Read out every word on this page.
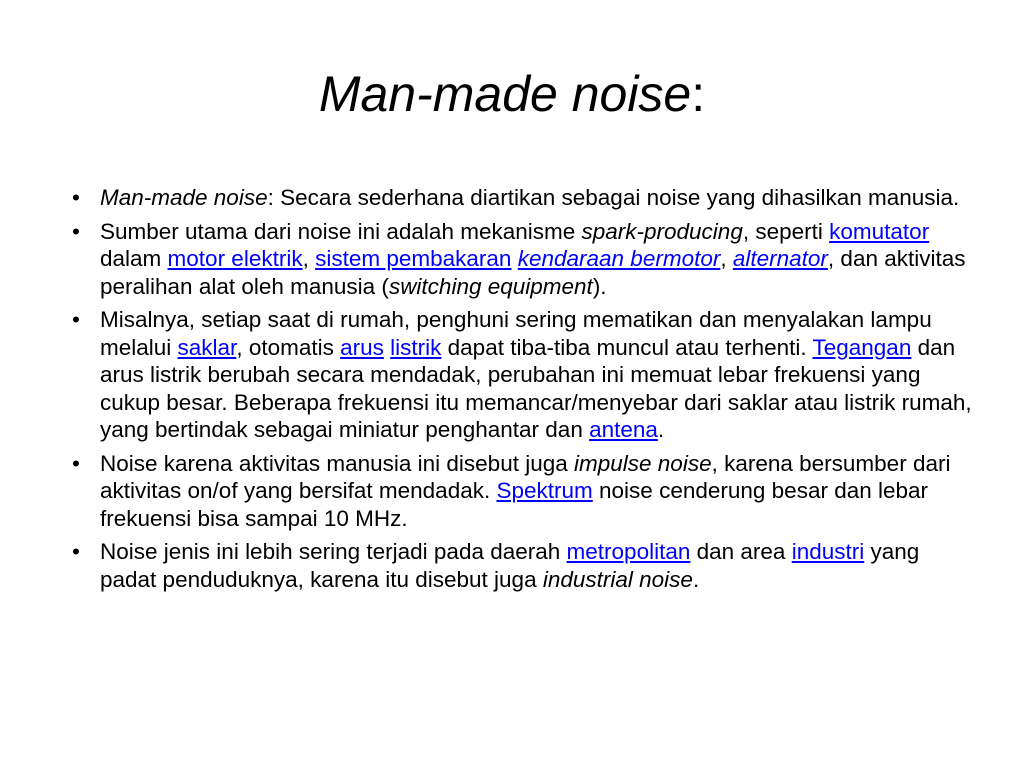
Man-made noise:
• Man-made noise: Secara sederhana diartikan sebagai noise yang dihasilkan manusia.
• Sumber utama dari noise ini adalah mekanisme spark-producing, seperti komutator dalam motor elektrik, sistem pembakaran kendaraan bermotor, alternator, dan aktivitas peralihan alat oleh manusia (switching equipment).
• Misalnya, setiap saat di rumah, penghuni sering mematikan dan menyalakan lampu melalui saklar, otomatis arus listrik dapat tiba-tiba muncul atau terhenti. Tegangan dan arus listrik berubah secara mendadak, perubahan ini memuat lebar frekuensi yang cukup besar. Beberapa frekuensi itu memancar/menyebar dari saklar atau listrik rumah, yang bertindak sebagai miniatur penghantar dan antena.
• Noise karena aktivitas manusia ini disebut juga impulse noise, karena bersumber dari aktivitas on/of yang bersifat mendadak. Spektrum noise cenderung besar dan lebar frekuensi bisa sampai 10 MHz.
• Noise jenis ini lebih sering terjadi pada daerah metropolitan dan area industri yang padat penduduknya, karena itu disebut juga industrial noise.
